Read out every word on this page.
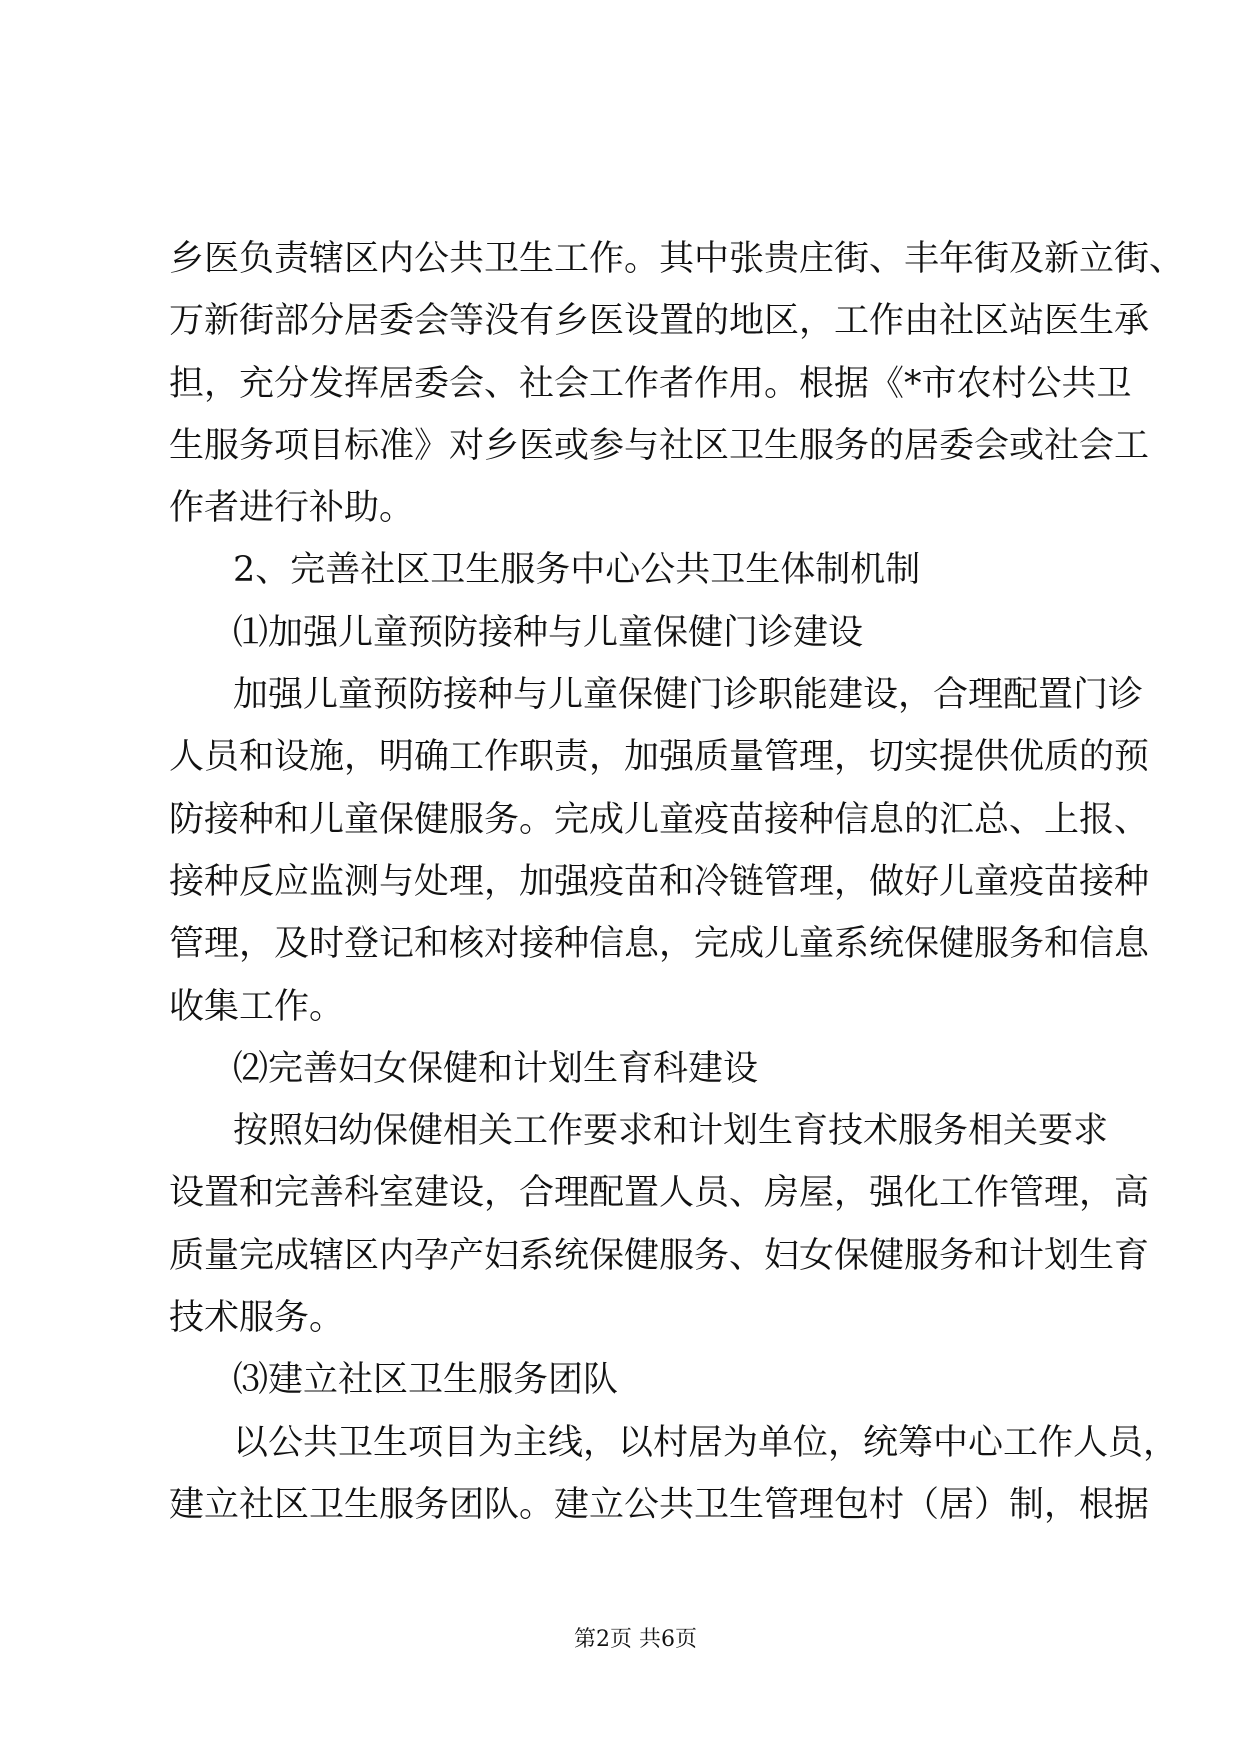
乡医负责辖区内公共卫生工作。其中张贵庄街、丰年街及新立街、
万新街部分居委会等没有乡医设置的地区，工作由社区站医生承
担，充分发挥居委会、社会工作者作用。根据《*市农村公共卫
生服务项目标准》对乡医或参与社区卫生服务的居委会或社会工
作者进行补助。
2、完善社区卫生服务中心公共卫生体制机制
⑴加强儿童预防接种与儿童保健门诊建设
加强儿童预防接种与儿童保健门诊职能建设，合理配置门诊
人员和设施，明确工作职责，加强质量管理，切实提供优质的预
防接种和儿童保健服务。完成儿童疫苗接种信息的汇总、上报、
接种反应监测与处理，加强疫苗和冷链管理，做好儿童疫苗接种
管理，及时登记和核对接种信息，完成儿童系统保健服务和信息
收集工作。
⑵完善妇女保健和计划生育科建设
按照妇幼保健相关工作要求和计划生育技术服务相关要求
设置和完善科室建设，合理配置人员、房屋，强化工作管理，高
质量完成辖区内孕产妇系统保健服务、妇女保健服务和计划生育
技术服务。
⑶建立社区卫生服务团队
以公共卫生项目为主线，以村居为单位，统筹中心工作人员，
建立社区卫生服务团队。建立公共卫生管理包村（居）制，根据
第2页 共6页
